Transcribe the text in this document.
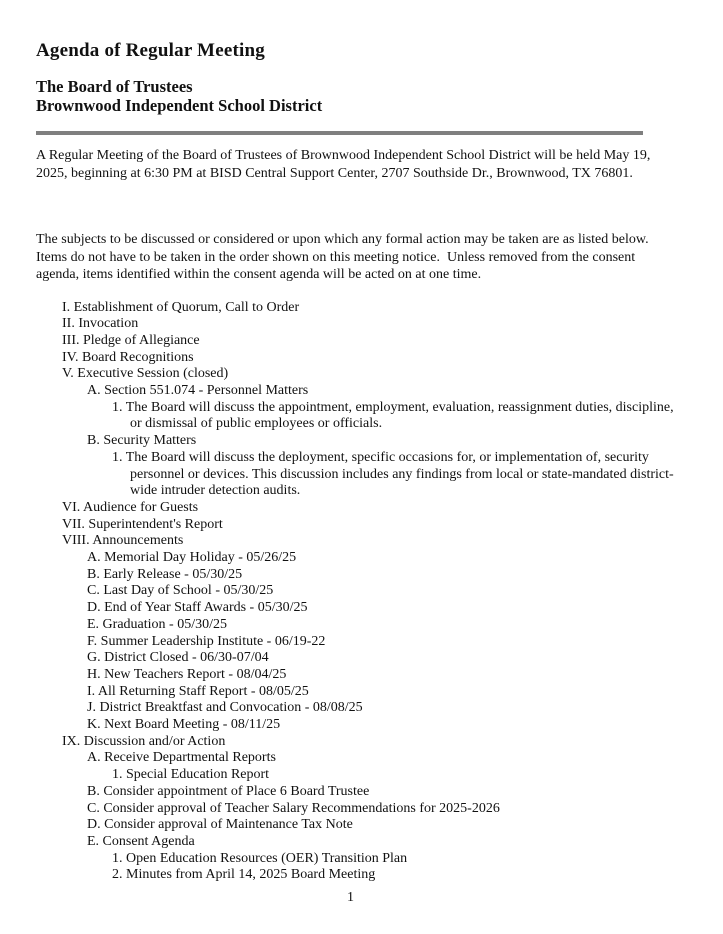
Agenda of Regular Meeting
The Board of Trustees
Brownwood Independent School District

A Regular Meeting of the Board of Trustees of Brownwood Independent School District will be held May 19, 2025, beginning at 6:30 PM at BISD Central Support Center, 2707 Southside Dr., Brownwood, TX 76801.

The subjects to be discussed or considered or upon which any formal action may be taken are as listed below. Items do not have to be taken in the order shown on this meeting notice.  Unless removed from the consent agenda, items identified within the consent agenda will be acted on at one time.

I. Establishment of Quorum, Call to Order
II. Invocation
III. Pledge of Allegiance
IV. Board Recognitions
V. Executive Session (closed)
A. Section 551.074 - Personnel Matters
1. The Board will discuss the appointment, employment, evaluation, reassignment duties, discipline, or dismissal of public employees or officials.
B. Security Matters
1. The Board will discuss the deployment, specific occasions for, or implementation of, security personnel or devices. This discussion includes any findings from local or state-mandated district-wide intruder detection audits.
VI. Audience for Guests
VII. Superintendent's Report
VIII. Announcements
A. Memorial Day Holiday - 05/26/25
B. Early Release - 05/30/25
C. Last Day of School - 05/30/25
D. End of Year Staff Awards - 05/30/25
E. Graduation - 05/30/25
F. Summer Leadership Institute - 06/19-22
G. District Closed - 06/30-07/04
H. New Teachers Report - 08/04/25
I. All Returning Staff Report - 08/05/25
J. District Breaktfast and Convocation - 08/08/25
K. Next Board Meeting - 08/11/25
IX. Discussion and/or Action
A. Receive Departmental Reports
1. Special Education Report
B. Consider appointment of Place 6 Board Trustee
C. Consider approval of Teacher Salary Recommendations for 2025-2026
D. Consider approval of Maintenance Tax Note
E. Consent Agenda
1. Open Education Resources (OER) Transition Plan
2. Minutes from April 14, 2025 Board Meeting
1
